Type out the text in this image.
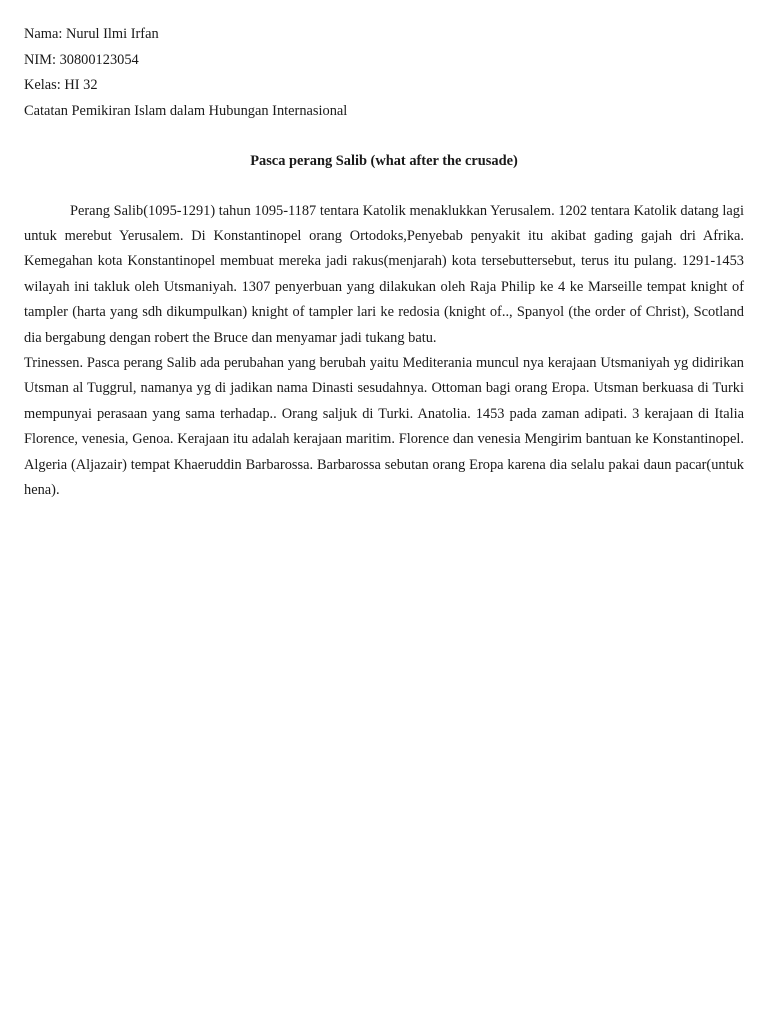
Nama: Nurul Ilmi Irfan
NIM: 30800123054
Kelas: HI 32
Catatan Pemikiran Islam dalam Hubungan Internasional
Pasca perang Salib (what after the crusade)

Perang Salib(1095-1291) tahun 1095-1187 tentara Katolik menaklukkan Yerusalem. 1202 tentara Katolik datang lagi untuk merebut Yerusalem. Di Konstantinopel orang Ortodoks,Penyebab penyakit itu akibat gading gajah dri Afrika. Kemegahan kota Konstantinopel membuat mereka jadi rakus(menjarah) kota tersebuttersebut, terus itu pulang. 1291-1453 wilayah ini takluk oleh Utsmaniyah. 1307 penyerbuan yang dilakukan oleh Raja Philip ke 4 ke Marseille tempat knight of tampler (harta yang sdh dikumpulkan) knight of tampler lari ke redosia (knight of.., Spanyol (the order of Christ), Scotland dia bergabung dengan robert the Bruce dan menyamar jadi tukang batu.

Trinessen. Pasca perang Salib ada perubahan yang berubah yaitu Mediterania muncul nya kerajaan Utsmaniyah yg didirikan Utsman al Tuggrul, namanya yg di jadikan nama Dinasti sesudahnya. Ottoman bagi orang Eropa. Utsman berkuasa di Turki mempunyai perasaan yang sama terhadap.. Orang saljuk di Turki. Anatolia. 1453 pada zaman adipati. 3 kerajaan di Italia Florence, venesia, Genoa. Kerajaan itu adalah kerajaan maritim. Florence dan venesia Mengirim bantuan ke Konstantinopel. Algeria (Aljazair) tempat Khaeruddin Barbarossa. Barbarossa sebutan orang Eropa karena dia selalu pakai daun pacar(untuk hena).
